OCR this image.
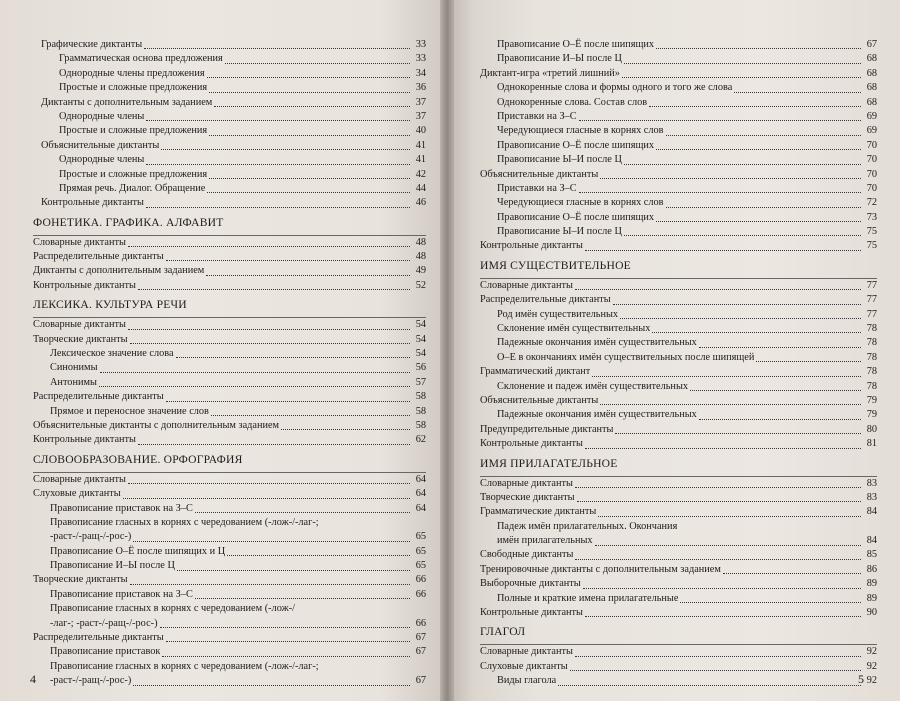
Графические диктанты	33
Грамматическая основа предложения	33
Однородные члены предложения	34
Простые и сложные предложения	36
Диктанты с дополнительным заданием	37
Однородные члены	37
Простые и сложные предложения	40
Объяснительные диктанты	41
Однородные члены	41
Простые и сложные предложения	42
Прямая речь. Диалог. Обращение	44
Контрольные диктанты	46
ФОНЕТИКА. ГРАФИКА. АЛФАВИТ
Словарные диктанты	48
Распределительные диктанты	48
Диктанты с дополнительным заданием	49
Контрольные диктанты	52
ЛЕКСИКА. КУЛЬТУРА РЕЧИ
Словарные диктанты	54
Творческие диктанты	54
Лексическое значение слова	54
Синонимы	56
Антонимы	57
Распределительные диктанты	58
Прямое и переносное значение слов	58
Объяснительные диктанты с дополнительным заданием	58
Контрольные диктанты	62
СЛОВООБРАЗОВАНИЕ. ОРФОГРАФИЯ
Словарные диктанты	64
Слуховые диктанты	64
Правописание приставок на З–С	64
Правописание гласных в корнях с чередованием (-лож-/-лаг-;
-раст-/-ращ-/-рос-)	65
Правописание О–Ё после шипящих и Ц	65
Правописание И–Ы после Ц	65
Творческие диктанты	66
Правописание приставок на З–С	66
Правописание гласных в корнях с чередованием (-лож-/
-лаг-; -раст-/-ращ-/-рос-)	66
Распределительные диктанты	67
Правописание приставок	67
Правописание гласных в корнях с чередованием (-лож-/-лаг-;
-раст-/-ращ-/-рос-)	67
4
Правописание О–Ё после шипящих	67
Правописание И–Ы после Ц	68
Диктант-игра «третий лишний»	68
Однокоренные слова и формы одного и того же слова	68
Однокоренные слова. Состав слов	68
Приставки на З–С	69
Чередующиеся гласные в корнях слов	69
Правописание О–Ё после шипящих	70
Правописание Ы–И после Ц	70
Объяснительные диктанты	70
Приставки на З–С	70
Чередующиеся гласные в корнях слов	72
Правописание О–Ё после шипящих	73
Правописание Ы–И после Ц	75
Контрольные диктанты	75
ИМЯ СУЩЕСТВИТЕЛЬНОЕ
Словарные диктанты	77
Распределительные диктанты	77
Род имён существительных	77
Склонение имён существительных	78
Падежные окончания имён существительных	78
О–Е в окончаниях имён существительных после шипящей	78
Грамматический диктант	78
Склонение и падеж имён существительных	78
Объяснительные диктанты	79
Падежные окончания имён существительных	79
Предупредительные диктанты	80
Контрольные диктанты	81
ИМЯ ПРИЛАГАТЕЛЬНОЕ
Словарные диктанты	83
Творческие диктанты	83
Грамматические диктанты	84
Падеж имён прилагательных. Окончания
имён прилагательных	84
Свободные диктанты	85
Тренировочные диктанты с дополнительным заданием	86
Выборочные диктанты	89
Полные и краткие имена прилагательные	89
Контрольные диктанты	90
ГЛАГОЛ
Словарные диктанты	92
Слуховые диктанты	92
Виды глагола	92
5
